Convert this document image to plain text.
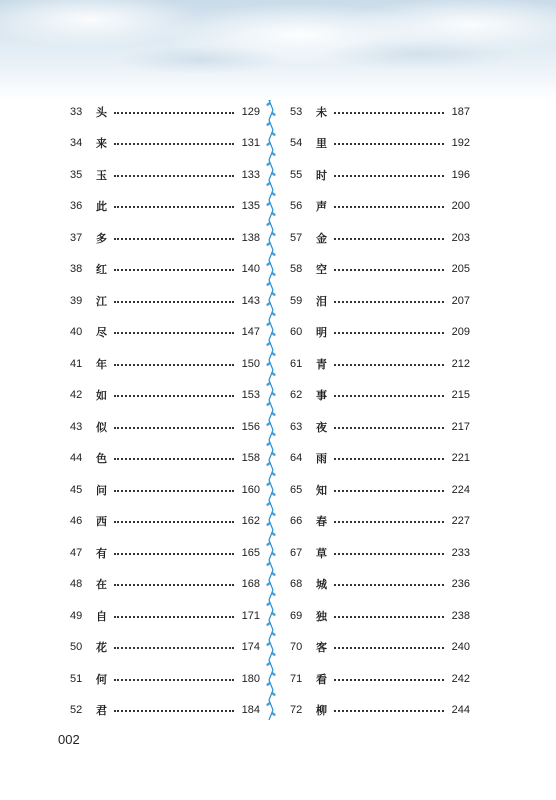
33	头	129
34	来	131
35	玉	133
36	此	135
37	多	138
38	红	140
39	江	143
40	尽	147
41	年	150
42	如	153
43	似	156
44	色	158
45	问	160
46	西	162
47	有	165
48	在	168
49	自	171
50	花	174
51	何	180
52	君	184
53	未	187
54	里	192
55	时	196
56	声	200
57	金	203
58	空	205
59	泪	207
60	明	209
61	青	212
62	事	215
63	夜	217
64	雨	221
65	知	224
66	春	227
67	草	233
68	城	236
69	独	238
70	客	240
71	看	242
72	柳	244
002
